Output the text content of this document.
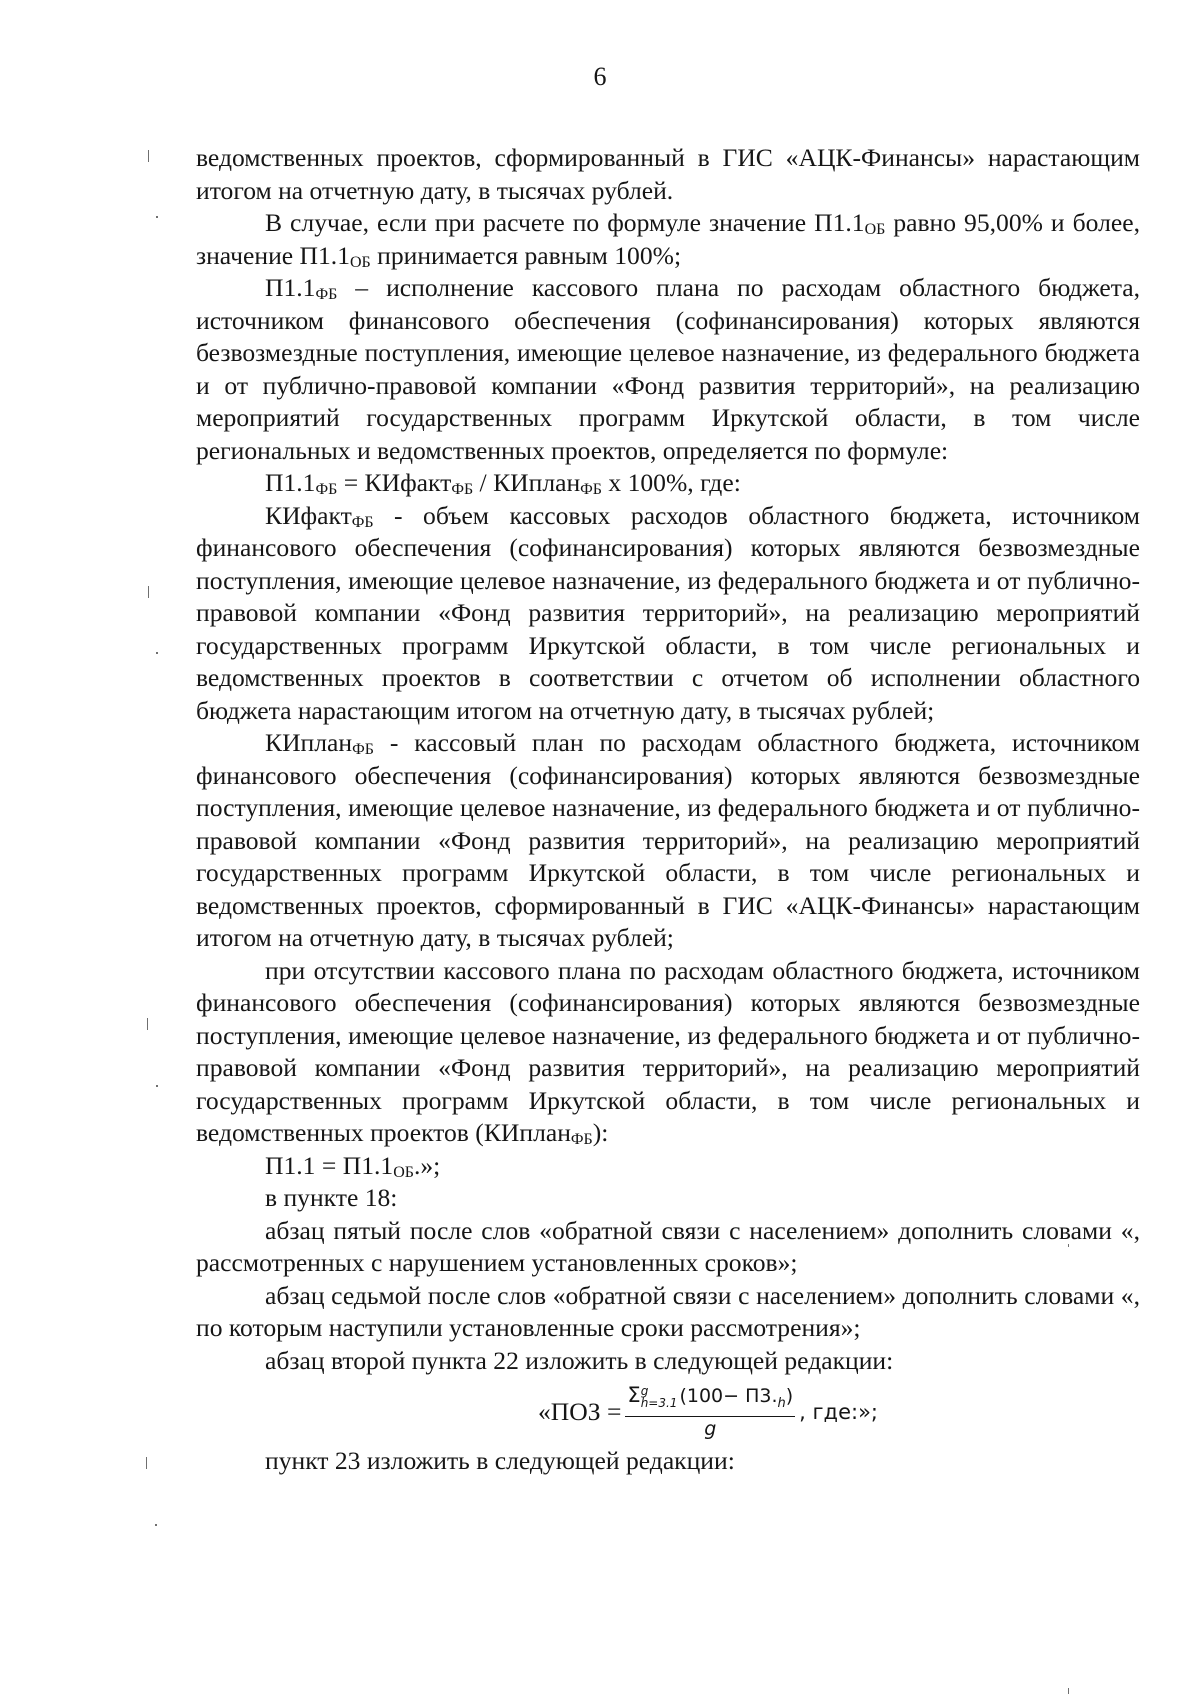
6

ведомственных проектов, сформированный в ГИС «АЦК-Финансы» нарастающим итогом на отчетную дату, в тысячах рублей.

В случае, если при расчете по формуле значение $П1.1_{ОБ}$ равно 95,00% и более, значение $П1.1_{ОБ}$ принимается равным 100%;

$П1.1_{ФБ}$ – исполнение кассового плана по расходам областного бюджета, источником финансового обеспечения (софинансирования) которых являются безвозмездные поступления, имеющие целевое назначение, из федерального бюджета и от публично-правовой компании «Фонд развития территорий», на реализацию мероприятий государственных программ Иркутской области, в том числе региональных и ведомственных проектов, определяется по формуле:

$П1.1_{ФБ}$ = КИфакт$_{ФБ}$ / КИплан$_{ФБ}$ х 100%, где:

КИфакт$_{ФБ}$ - объем кассовых расходов областного бюджета, источником финансового обеспечения (софинансирования) которых являются безвозмездные поступления, имеющие целевое назначение, из федерального бюджета и от публично-правовой компании «Фонд развития территорий», на реализацию мероприятий государственных программ Иркутской области, в том числе региональных и ведомственных проектов в соответствии с отчетом об исполнении областного бюджета нарастающим итогом на отчетную дату, в тысячах рублей;

КИплан$_{ФБ}$ - кассовый план по расходам областного бюджета, источником финансового обеспечения (софинансирования) которых являются безвозмездные поступления, имеющие целевое назначение, из федерального бюджета и от публично-правовой компании «Фонд развития территорий», на реализацию мероприятий государственных программ Иркутской области, в том числе региональных и ведомственных проектов, сформированный в ГИС «АЦК-Финансы» нарастающим итогом на отчетную дату, в тысячах рублей;

при отсутствии кассового плана по расходам областного бюджета, источником финансового обеспечения (софинансирования) которых являются безвозмездные поступления, имеющие целевое назначение, из федерального бюджета и от публично-правовой компании «Фонд развития территорий», на реализацию мероприятий государственных программ Иркутской области, в том числе региональных и ведомственных проектов (КИплан$_{ФБ}$):

$П1.1 = П1.1_{ОБ}$.»;

в пункте 18:

абзац пятый после слов «обратной связи с населением» дополнить словами «, рассмотренных с нарушением установленных сроков»;

абзац седьмой после слов «обратной связи с населением» дополнить словами «, по которым наступили установленные сроки рассмотрения»;

абзац второй пункта 22 изложить в следующей редакции:

«ПОЗ = Σ g
h=3.1 $(100- П3._h)$
g , где:»;

пункт 23 изложить в следующей редакции:
